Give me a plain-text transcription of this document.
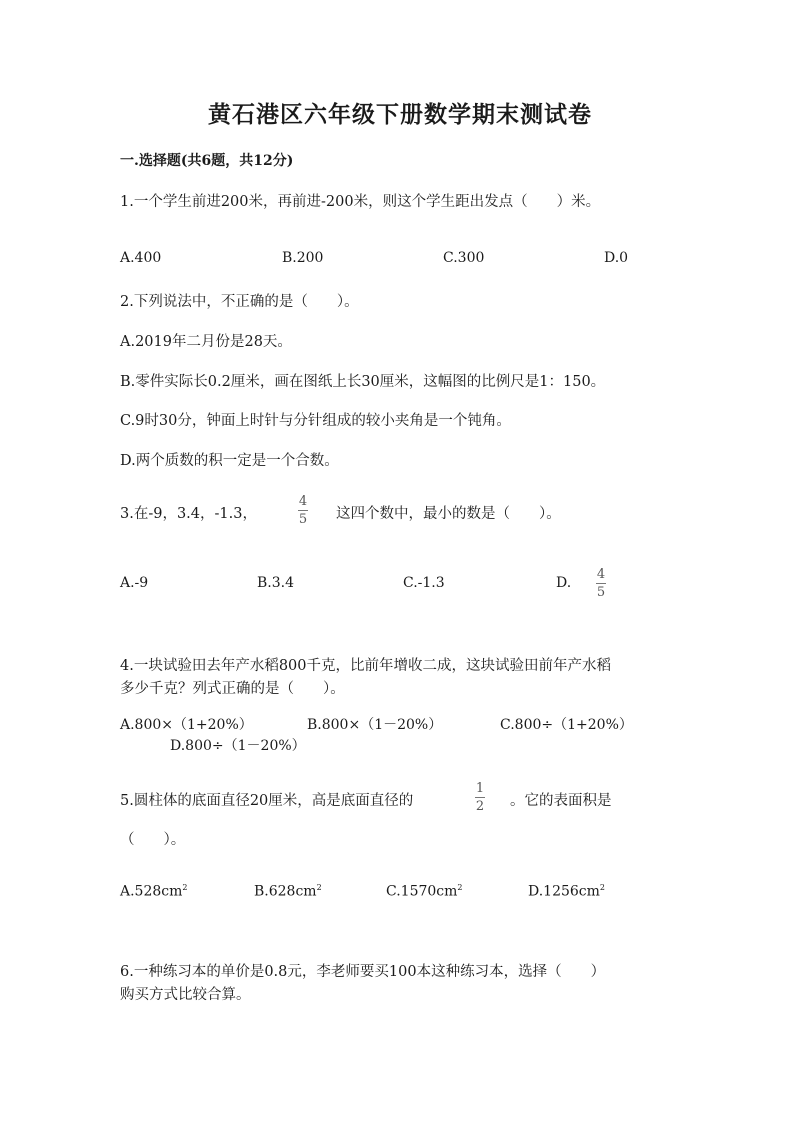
黄石港区六年级下册数学期末测试卷
一.选择题(共6题，共12分)
1.一个学生前进200米，再前进-200米，则这个学生距出发点（　　）米。
A.400	B.200	C.300	D.0
2.下列说法中，不正确的是（　　）。
A.2019年二月份是28天。
B.零件实际长0.2厘米，画在图纸上长30厘米，这幅图的比例尺是1：150。
C.9时30分，钟面上时针与分针组成的较小夹角是一个钝角。
D.两个质数的积一定是一个合数。
3.在-9，3.4，-1.3，
4
5 这四个数中，最小的数是（　　）。
A.-9	B.3.4	C.-1.3	D.
4
5
4.一块试验田去年产水稻800千克，比前年增收二成，这块试验田前年产水稻
多少千克？列式正确的是（　　）。
A.800×（1+20%）	B.800×（1－20%）	C.800÷（1+20%）
D.800÷（1－20%）
5.圆柱体的底面直径20厘米，高是底面直径的
1
2 。它的表面积是
（　　）。
$A.528cm^2$	$B.628cm^2$	$C.1570cm^2$	$D.1256cm^2$
6.一种练习本的单价是0.8元，李老师要买100本这种练习本，选择（　　）
购买方式比较合算。
